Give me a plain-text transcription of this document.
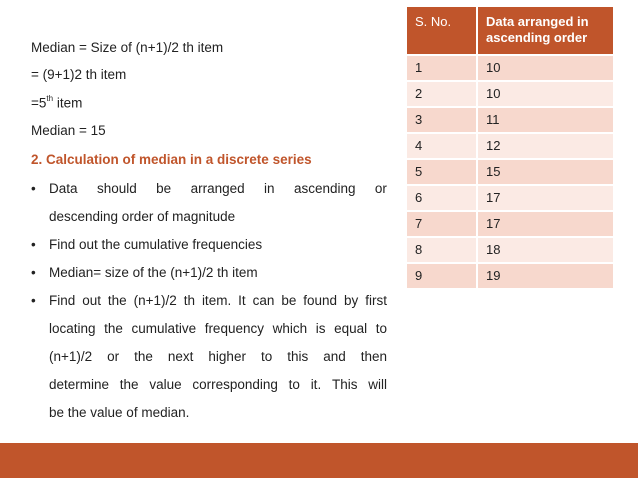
Median = Size of (n+1)/2 th item
= (9+1)2 th item
=5th item
Median = 15
2. Calculation of median in a discrete series
• Data should be arranged in ascending or
descending order of magnitude
• Find out the cumulative frequencies
• Median= size of the (n+1)/2 th item
• Find out the (n+1)/2 th item. It can be found by first
locating the cumulative frequency which is equal to
(n+1)/2 or the next higher to this and then
determine the value corresponding to it. This will
be the value of median.
S. No.	Data arranged in ascending order
1	10
2	10
3	11
4	12
5	15
6	17
7	17
8	18
9	19
